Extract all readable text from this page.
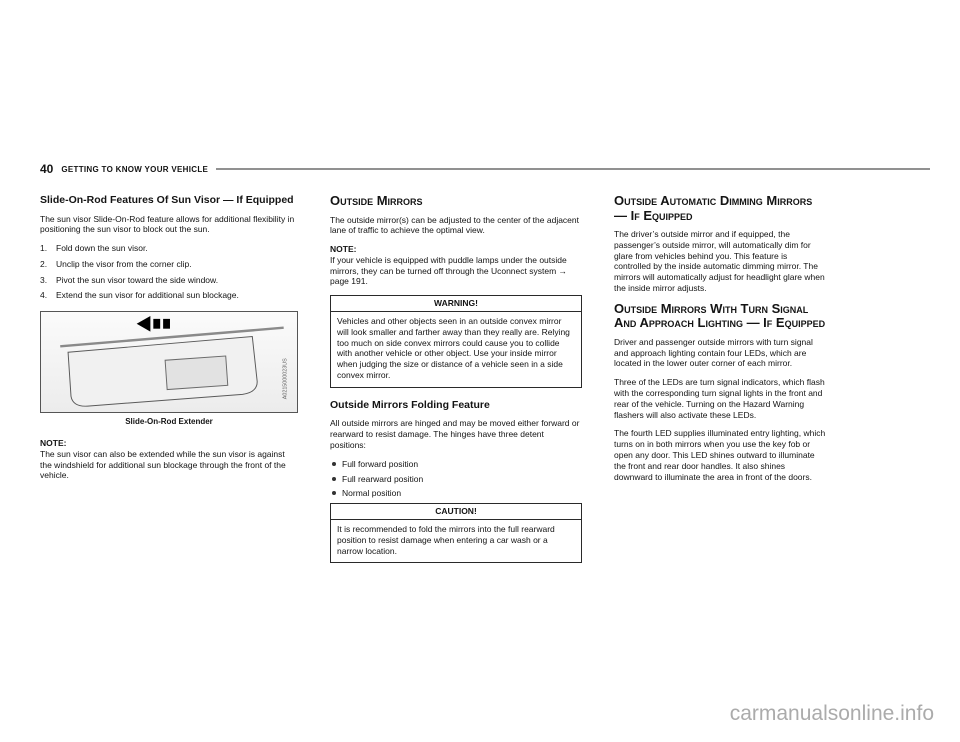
40 GETTING TO KNOW YOUR VEHICLE
Slide-On-Rod Features Of Sun Visor — If Equipped

The sun visor Slide-On-Rod feature allows for additional flexibility in positioning the sun visor to block out the sun.

1.	Fold down the sun visor.
2.	Unclip the visor from the corner clip.
3.	Pivot the sun visor toward the side window.
4.	Extend the sun visor for additional sun blockage.
A0215000023US
Slide-On-Rod Extender

NOTE:

The sun visor can also be extended while the sun visor is against the windshield for additional sun blockage through the front of the vehicle.

Outside Mirrors

The outside mirror(s) can be adjusted to the center of the adjacent lane of traffic to achieve the optimal view.

NOTE:

If your vehicle is equipped with puddle lamps under the outside mirrors, they can be turned off through the Uconnect system → page 191.

WARNING!
Vehicles and other objects seen in an outside convex mirror will look smaller and farther away than they really are. Relying too much on side convex mirrors could cause you to collide with another vehicle or other object. Use your inside mirror when judging the size or distance of a vehicle seen in a side convex mirror.
Outside Mirrors Folding Feature

All outside mirrors are hinged and may be moved either forward or rearward to resist damage. The hinges have three detent positions:

Full forward position
Full rearward position
Normal position
CAUTION!
It is recommended to fold the mirrors into the full rearward position to resist damage when entering a car wash or a narrow location.
Outside Automatic Dimming Mirrors — If Equipped

The driver’s outside mirror and if equipped, the passenger’s outside mirror, will automatically dim for glare from vehicles behind you. This feature is controlled by the inside automatic dimming mirror. The mirrors will automatically adjust for headlight glare when the inside mirror adjusts.

Outside Mirrors With Turn Signal And Approach Lighting — If Equipped

Driver and passenger outside mirrors with turn signal and approach lighting contain four LEDs, which are located in the lower outer corner of each mirror.

Three of the LEDs are turn signal indicators, which flash with the corresponding turn signal lights in the front and rear of the vehicle. Turning on the Hazard Warning flashers will also activate these LEDs.

The fourth LED supplies illuminated entry lighting, which turns on in both mirrors when you use the key fob or open any door. This LED shines outward to illuminate the front and rear door handles. It also shines downward to illuminate the area in front of the doors.

carmanualsonline.info
